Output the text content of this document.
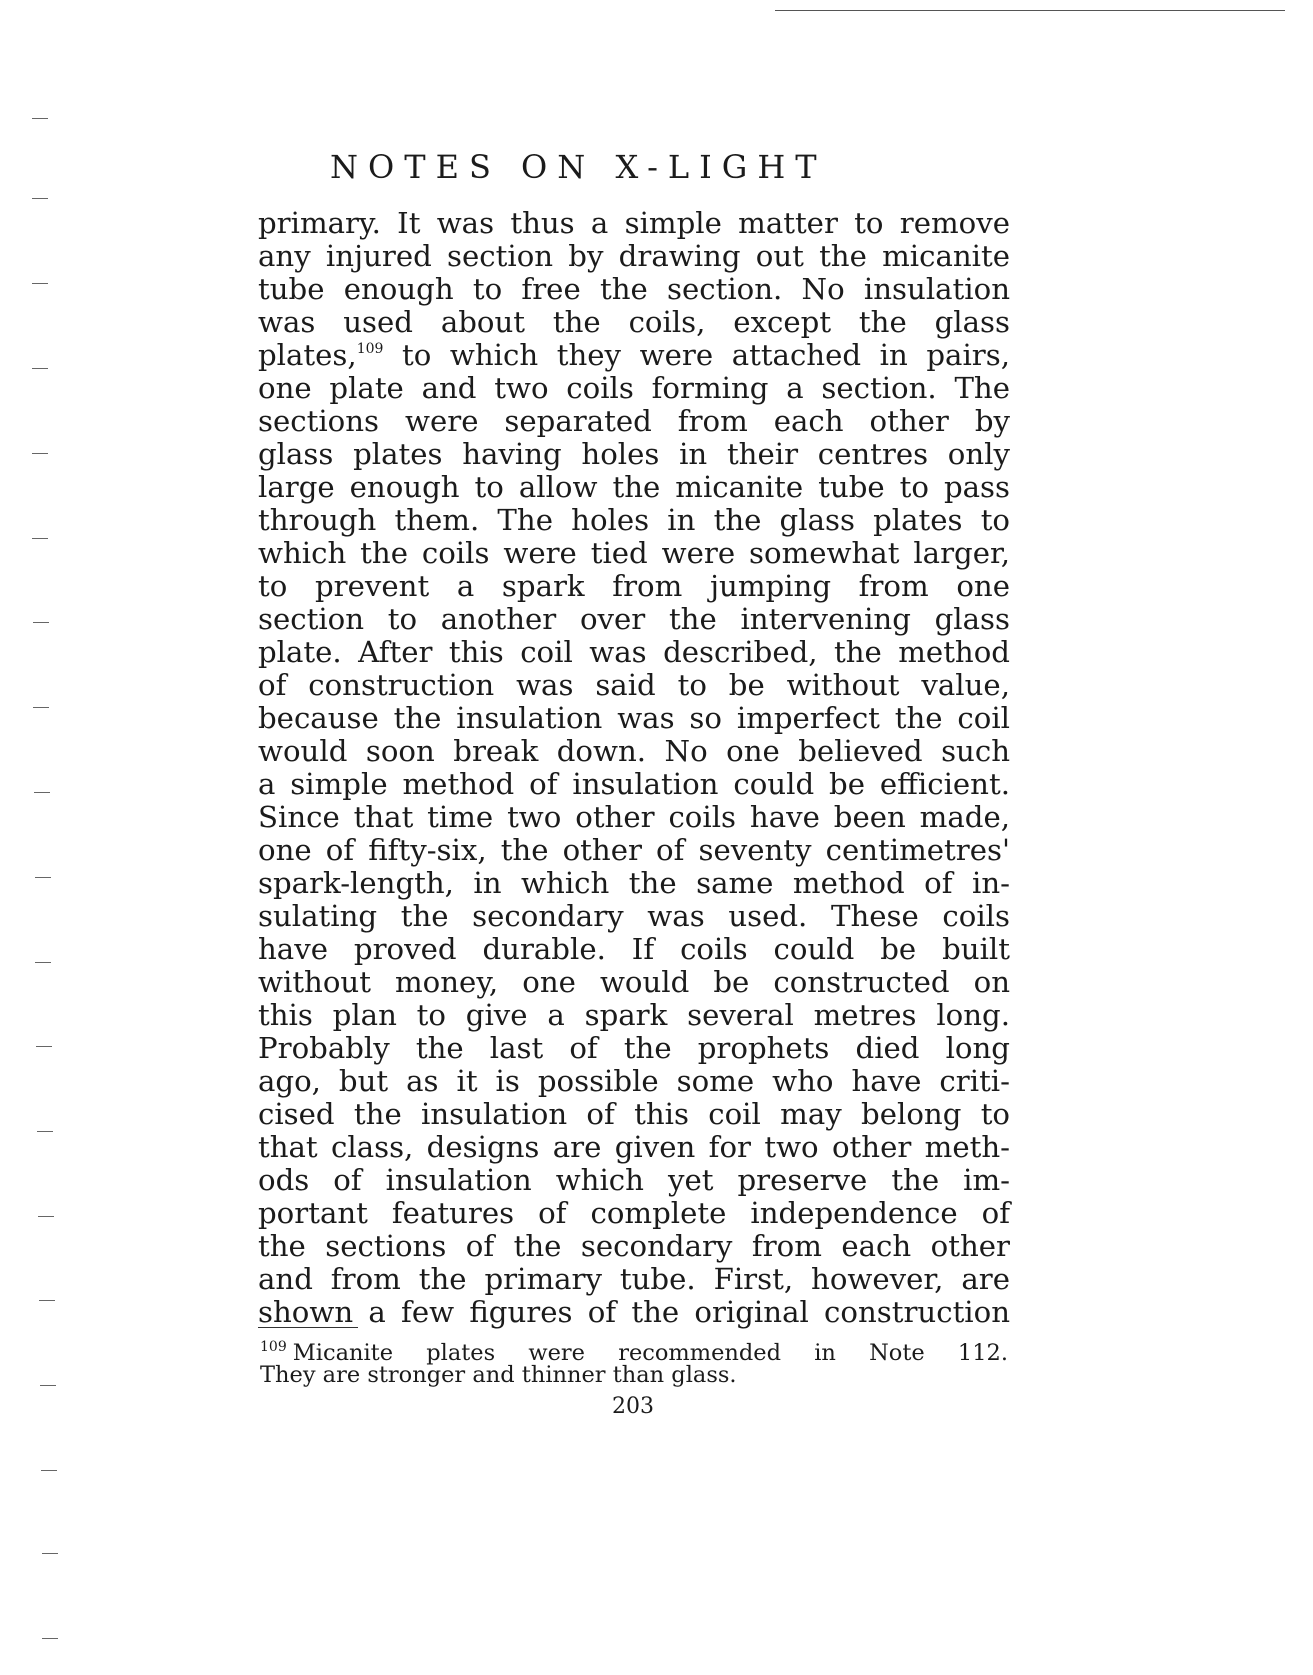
NOTES ON X-LIGHT
primary. It was thus a simple matter to remove
any injured section by drawing out the micanite
tube enough to free the section. No insulation
was used about the coils, except the glass
plates,$^{109}$ to which they were attached in pairs,
one plate and two coils forming a section. The
sections were separated from each other by
glass plates having holes in their centres only
large enough to allow the micanite tube to pass
through them. The holes in the glass plates to
which the coils were tied were somewhat larger,
to prevent a spark from jumping from one
section to another over the intervening glass
plate. After this coil was described, the method
of construction was said to be without value,
because the insulation was so imperfect the coil
would soon break down. No one believed such
a simple method of insulation could be efficient.
Since that time two other coils have been made,
one of fifty-six, the other of seventy centimetres'
spark-length, in which the same method of in-
sulating the secondary was used. These coils
have proved durable. If coils could be built
without money, one would be constructed on
this plan to give a spark several metres long.
Probably the last of the prophets died long
ago, but as it is possible some who have criti-
cised the insulation of this coil may belong to
that class, designs are given for two other meth-
ods of insulation which yet preserve the im-
portant features of complete independence of
the sections of the secondary from each other
and from the primary tube. First, however, are
shown a few figures of the original construction
$^{109}$ Micanite plates were recommended in Note 112.
They are stronger and thinner than glass.
203
